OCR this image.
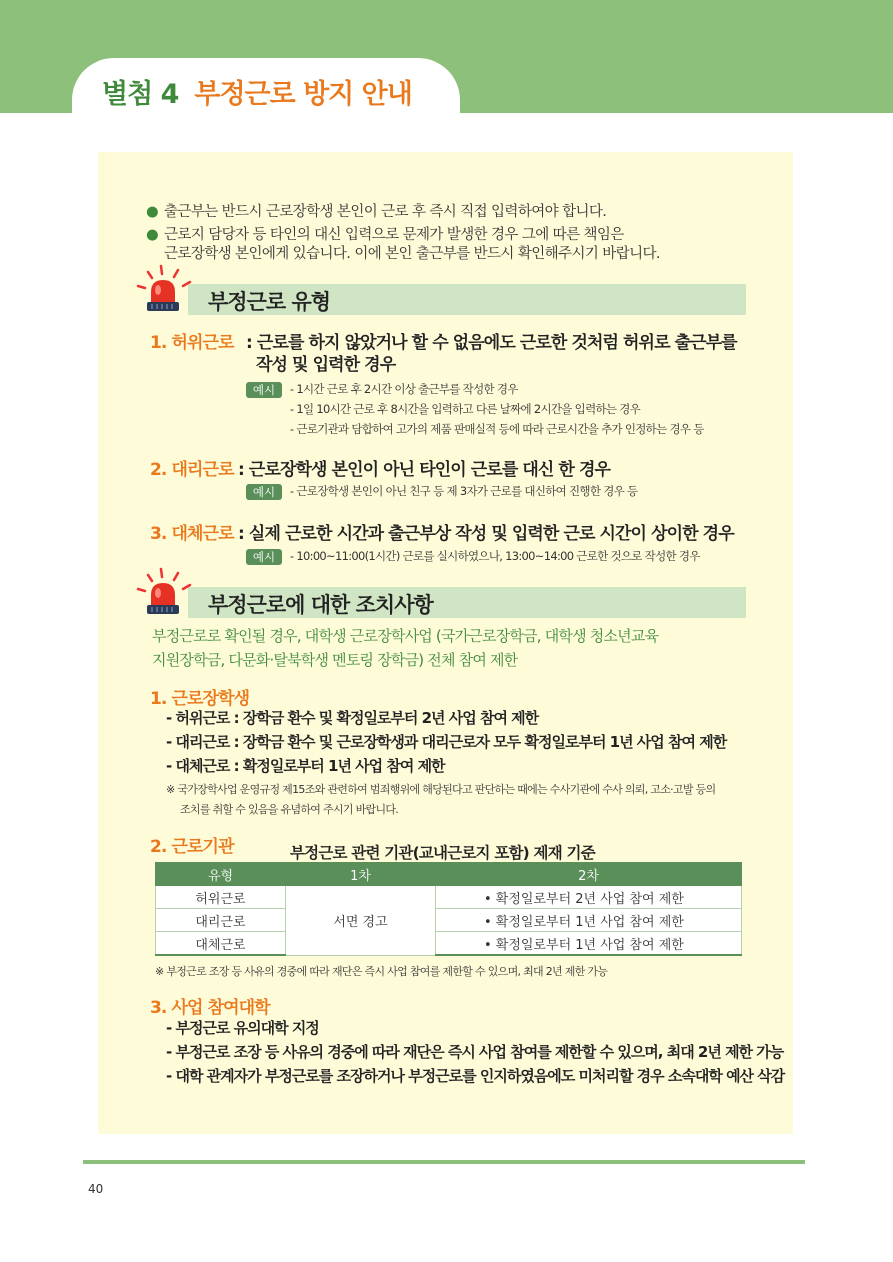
별첨 4 부정근로 방지 안내
● 출근부는 반드시 근로장학생 본인이 근로 후 즉시 직접 입력하여야 합니다.
● 근로지 담당자 등 타인의 대신 입력으로 문제가 발생한 경우 그에 따른 책임은
근로장학생 본인에게 있습니다. 이에 본인 출근부를 반드시 확인해주시기 바랍니다.
부정근로 유형
1. 허위근로 : 근로를 하지 않았거나 할 수 없음에도 근로한 것처럼 허위로 출근부를
작성 및 입력한 경우
예시	- 1시간 근로 후 2시간 이상 출근부를 작성한 경우
- 1일 10시간 근로 후 8시간을 입력하고 다른 날짜에 2시간을 입력하는 경우
- 근로기관과 담합하여 고가의 제품 판매실적 등에 따라 근로시간을 추가 인정하는 경우 등
2. 대리근로 : 근로장학생 본인이 아닌 타인이 근로를 대신 한 경우
예시	- 근로장학생 본인이 아닌 친구 등 제 3자가 근로를 대신하여 진행한 경우 등
3. 대체근로 : 실제 근로한 시간과 출근부상 작성 및 입력한 근로 시간이 상이한 경우
예시	- 10:00~11:00(1시간) 근로를 실시하였으나, 13:00~14:00 근로한 것으로 작성한 경우
부정근로에 대한 조치사항
부정근로로 확인될 경우, 대학생 근로장학사업 (국가근로장학금, 대학생 청소년교육
지원장학금, 다문화·탈북학생 멘토링 장학금) 전체 참여 제한
1. 근로장학생
- 허위근로 : 장학금 환수 및 확정일로부터 2년 사업 참여 제한
- 대리근로 : 장학금 환수 및 근로장학생과 대리근로자 모두 확정일로부터 1년 사업 참여 제한
- 대체근로 : 확정일로부터 1년 사업 참여 제한
※ 국가장학사업 운영규정 제15조와 관련하여 범죄행위에 해당된다고 판단하는 때에는 수사기관에 수사 의뢰, 고소·고발 등의
조치를 취할 수 있음을 유념하여 주시기 바랍니다.
2. 근로기관	부정근로 관련 기관(교내근로지 포함) 제재 기준
유형	1차	2차
허위근로	서면 경고	• 확정일로부터 2년 사업 참여 제한
대리근로		• 확정일로부터 1년 사업 참여 제한
대체근로		• 확정일로부터 1년 사업 참여 제한
※ 부정근로 조장 등 사유의 경중에 따라 재단은 즉시 사업 참여를 제한할 수 있으며, 최대 2년 제한 가능
3. 사업 참여대학
- 부정근로 유의대학 지정
- 부정근로 조장 등 사유의 경중에 따라 재단은 즉시 사업 참여를 제한할 수 있으며, 최대 2년 제한 가능
- 대학 관계자가 부정근로를 조장하거나 부정근로를 인지하였음에도 미처리할 경우 소속대학 예산 삭감
40
